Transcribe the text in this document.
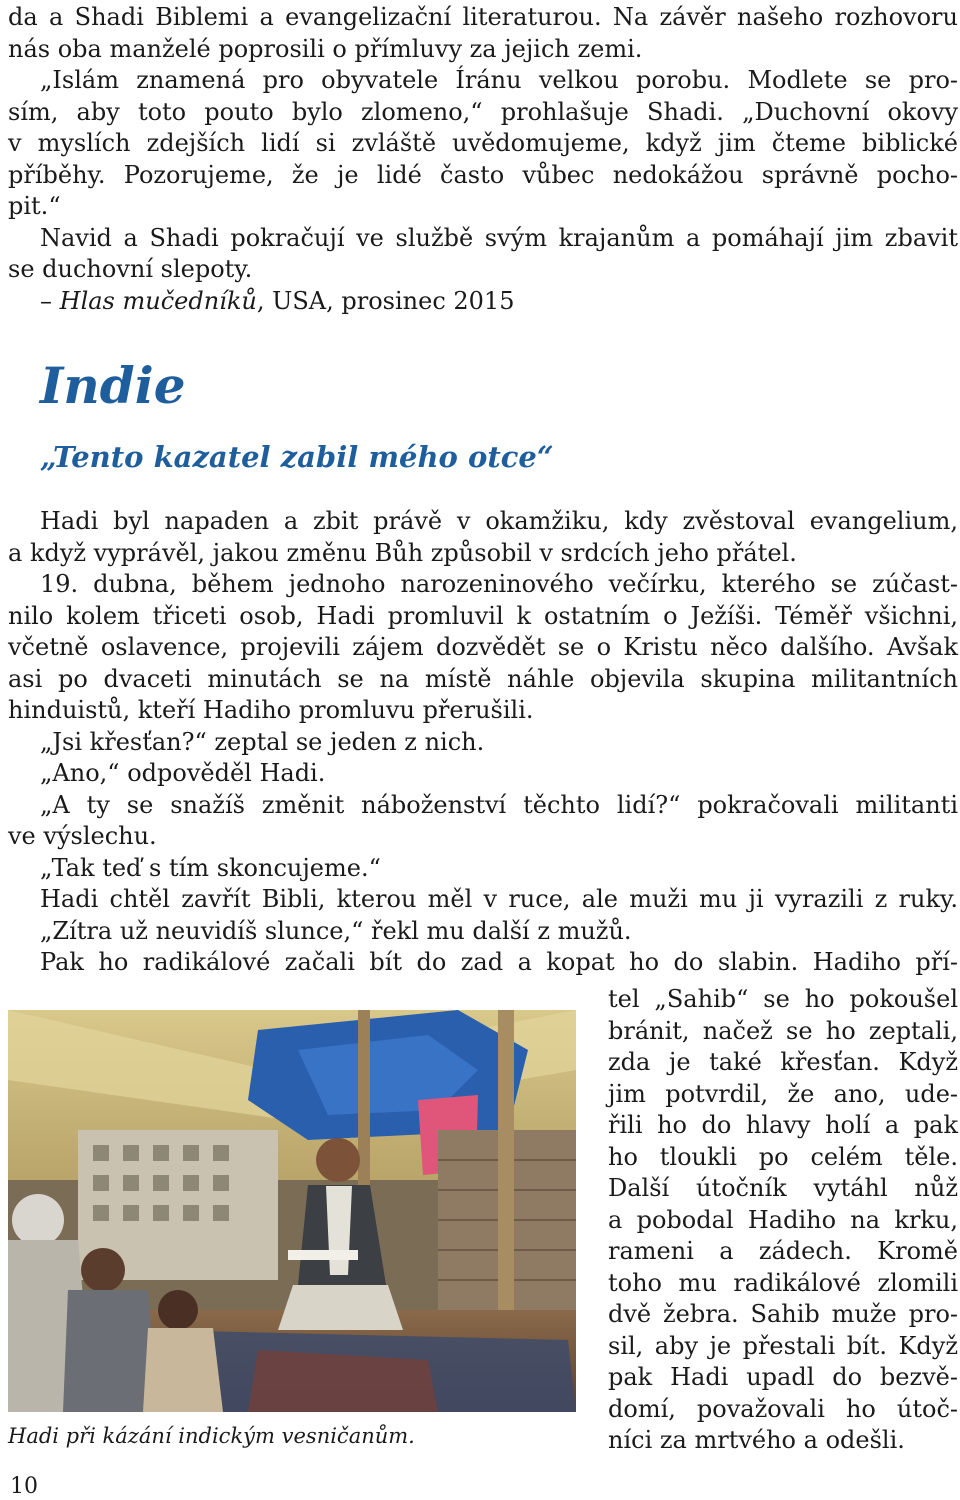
da a Shadi Biblemi a evangelizační literaturou. Na závěr našeho rozhovoru
nás oba manželé poprosili o přímluvy za jejich zemi.
„Islám znamená pro obyvatele Íránu velkou porobu. Modlete se pro-
sím, aby toto pouto bylo zlomeno,“ prohlašuje Shadi. „Duchovní okovy
v myslích zdejších lidí si zvláště uvědomujeme, když jim čteme biblické
příběhy. Pozorujeme, že je lidé často vůbec nedokážou správně pocho-
pit.“
Navid a Shadi pokračují ve službě svým krajanům a pomáhají jim zbavit
se duchovní slepoty.
– Hlas mučedníků, USA, prosinec 2015
Indie
„Tento kazatel zabil mého otce“
Hadi byl napaden a zbit právě v okamžiku, kdy zvěstoval evangelium,
a když vyprávěl, jakou změnu Bůh způsobil v srdcích jeho přátel.
19. dubna, během jednoho narozeninového večírku, kterého se zúčast-
nilo kolem třiceti osob, Hadi promluvil k ostatním o Ježíši. Téměř všichni,
včetně oslavence, projevili zájem dozvědět se o Kristu něco dalšího. Avšak
asi po dvaceti minutách se na místě náhle objevila skupina militantních
hinduistů, kteří Hadiho promluvu přerušili.
„Jsi křesťan?“ zeptal se jeden z nich.
„Ano,“ odpověděl Hadi.
„A ty se snažíš změnit náboženství těchto lidí?“ pokračovali militanti
ve výslechu.
„Tak teď s tím skoncujeme.“
Hadi chtěl zavřít Bibli, kterou měl v ruce, ale muži mu ji vyrazili z ruky.
„Zítra už neuvidíš slunce,“ řekl mu další z mužů.
Pak ho radikálové začali bít do zad a kopat ho do slabin. Hadiho pří-
tel „Sahib“ se ho pokoušel
bránit, načež se ho zeptali,
zda je také křesťan. Když
jim potvrdil, že ano, ude-
řili ho do hlavy holí a pak
ho tloukli po celém těle.
Další útočník vytáhl nůž
a pobodal Hadiho na krku,
rameni a zádech. Kromě
toho mu radikálové zlomili
dvě žebra. Sahib muže pro-
sil, aby je přestali bít. Když
pak Hadi upadl do bezvě-
domí, považovali ho útoč-
níci za mrtvého a odešli.

Hadi při kázání indickým vesničanům.

10
